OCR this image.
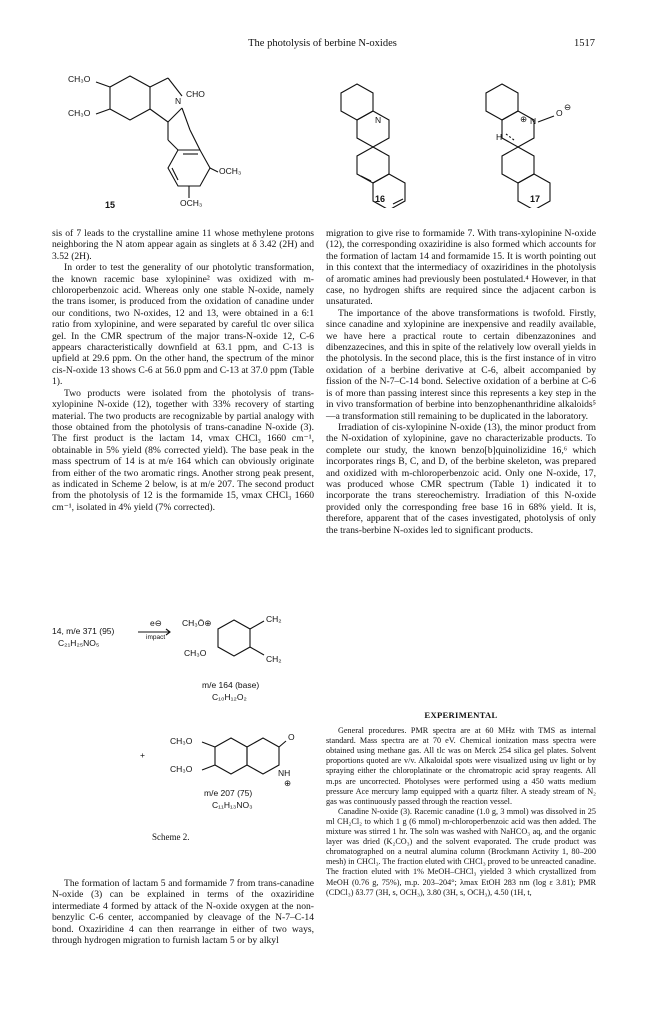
The photolysis of berbine N-oxides	1517
CH₃O
CH₃O
N
CHO
OCH₃
OCH₃
15
N
16
⊕ N
O
⊖
H
17

sis of 7 leads to the crystalline amine 11 whose methylene protons neighboring the N atom appear again as singlets at δ 3.42 (2H) and 3.52 (2H).

In order to test the generality of our photolytic transformation, the known racemic base xylopinine² was oxidized with m-chloroperbenzoic acid. Whereas only one stable N-oxide, namely the trans isomer, is produced from the oxidation of canadine under our conditions, two N-oxides, 12 and 13, were obtained in a 6:1 ratio from xylopinine, and were separated by careful tlc over silica gel. In the CMR spectrum of the major trans-N-oxide 12, C-6 appears characteristically downfield at 63.1 ppm, and C-13 is upfield at 29.6 ppm. On the other hand, the spectrum of the minor cis-N-oxide 13 shows C-6 at 56.0 ppm and C-13 at 37.0 ppm (Table 1).

Two products were isolated from the photolysis of trans-xylopinine N-oxide (12), together with 33% recovery of starting material. The two products are recognizable by partial analogy with those obtained from the photolysis of trans-canadine N-oxide (3). The first product is the lactam 14, νmax CHCl₃ 1660 cm⁻¹, obtainable in 5% yield (8% corrected yield). The base peak in the mass spectrum of 14 is at m/e 164 which can obviously originate from either of the two aromatic rings. Another strong peak present, as indicated in Scheme 2 below, is at m/e 207. The second product from the photolysis of 12 is the formamide 15, νmax CHCl₃ 1660 cm⁻¹, isolated in 4% yield (7% corrected).

14, m/e 371 (95)
C₂₁H₂₅NO₅
e⊖
impact
CH₃Ö⊕
CH₃O
CH₂
CH₂
m/e 164 (base)
C₁₀H₁₂O₂
+
CH₃O
CH₃O
O
NH
⊕
m/e 207 (75)
C₁₁H₁₃NO₃
Scheme 2.

The formation of lactam 5 and formamide 7 from trans-canadine N-oxide (3) can be explained in terms of the oxaziridine intermediate 4 formed by attack of the N-oxide oxygen at the non-benzylic C-6 center, accompanied by cleavage of the N-7–C-14 bond. Oxaziridine 4 can then rearrange in either of two ways, through hydrogen migration to furnish lactam 5 or by alkyl

migration to give rise to formamide 7. With trans-xylopinine N-oxide (12), the corresponding oxaziridine is also formed which accounts for the formation of lactam 14 and formamide 15. It is worth pointing out in this context that the intermediacy of oxaziridines in the photolysis of aromatic amines had previously been postulated.⁴ However, in that case, no hydrogen shifts are required since the adjacent carbon is unsaturated.

The importance of the above transformations is twofold. Firstly, since canadine and xylopinine are inexpensive and readily available, we have here a practical route to certain dibenzazonines and dibenzazecines, and this in spite of the relatively low overall yields in the photolysis. In the second place, this is the first instance of in vitro oxidation of a berbine derivative at C-6, albeit accompanied by fission of the N-7–C-14 bond. Selective oxidation of a berbine at C-6 is of more than passing interest since this represents a key step in the in vivo transformation of berbine into benzophenanthridine alkaloids⁵—a transformation still remaining to be duplicated in the laboratory.

Irradiation of cis-xylopinine N-oxide (13), the minor product from the N-oxidation of xylopinine, gave no characterizable products. To complete our study, the known benzo[b]quinolizidine 16,⁶ which incorporates rings B, C, and D, of the berbine skeleton, was prepared and oxidized with m-chloroperbenzoic acid. Only one N-oxide, 17, was produced whose CMR spectrum (Table 1) indicated it to incorporate the trans stereochemistry. Irradiation of this N-oxide provided only the corresponding free base 16 in 68% yield. It is, therefore, apparent that of the cases investigated, photolysis of only the trans-berbine N-oxides led to significant products.

EXPERIMENTAL

General procedures. PMR spectra are at 60 MHz with TMS as internal standard. Mass spectra are at 70 eV. Chemical ionization mass spectra were obtained using methane gas. All tlc was on Merck 254 silica gel plates. Solvent proportions quoted are v/v. Alkaloidal spots were visualized using uv light or by spraying either the chloroplatinate or the chromatropic acid spray reagents. All m.ps are uncorrected. Photolyses were performed using a 450 watts medium pressure Ace mercury lamp equipped with a quartz filter. A steady stream of N₂ gas was continuously passed through the reaction vessel.

Canadine N-oxide (3). Racemic canadine (1.0 g, 3 mmol) was dissolved in 25 ml CH₂Cl₂ to which 1 g (6 mmol) m-chloroperbenzoic acid was then added. The mixture was stirred 1 hr. The soln was washed with NaHCO₃ aq, and the organic layer was dried (K₂CO₃) and the solvent evaporated. The crude product was chromatographed on a neutral alumina column (Brockmann Activity 1, 80–200 mesh) in CHCl₃. The fraction eluted with CHCl₃ proved to be unreacted canadine. The fraction eluted with 1% MeOH–CHCl₃ yielded 3 which crystallized from MeOH (0.76 g, 75%), m.p. 203–204°; λmax EtOH 283 nm (log ε 3.81); PMR (CDCl₃) δ3.77 (3H, s, OCH₃), 3.80 (3H, s, OCH₃), 4.50 (1H, t,
